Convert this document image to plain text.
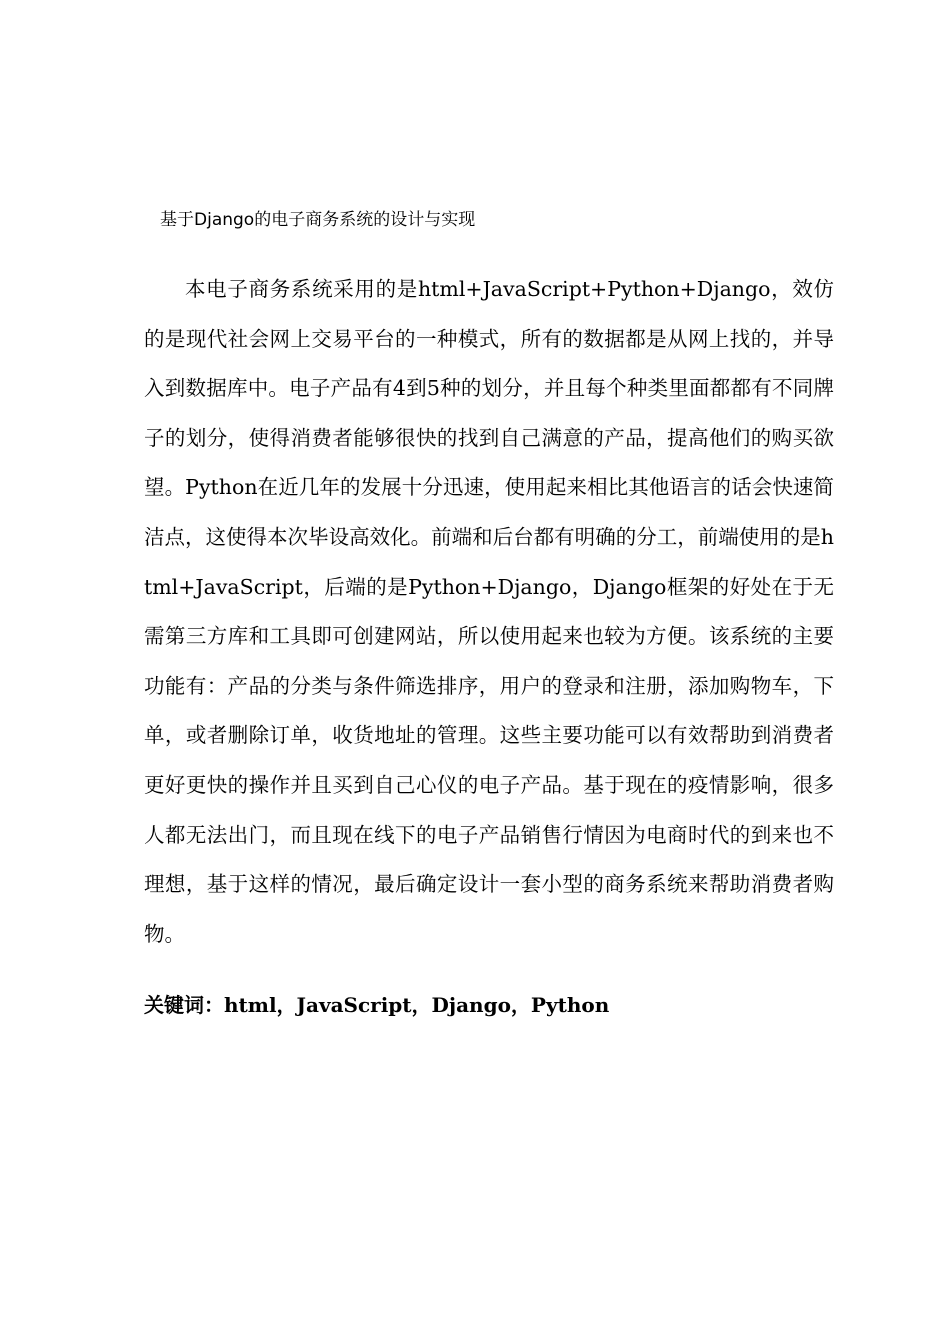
基于Django的电子商务系统的设计与实现

本电子商务系统采用的是html+JavaScript+Python+Django，效仿的是现代社会网上交易平台的一种模式，所有的数据都是从网上找的，并导入到数据库中。电子产品有4到5种的划分，并且每个种类里面都都有不同牌子的划分，使得消费者能够很快的找到自己满意的产品，提高他们的购买欲望。Python在近几年的发展十分迅速，使用起来相比其他语言的话会快速简洁点，这使得本次毕设高效化。前端和后台都有明确的分工，前端使用的是html+JavaScript，后端的是Python+Django，Django框架的好处在于无需第三方库和工具即可创建网站，所以使用起来也较为方便。该系统的主要功能有：产品的分类与条件筛选排序，用户的登录和注册，添加购物车，下单，或者删除订单，收货地址的管理。这些主要功能可以有效帮助到消费者更好更快的操作并且买到自己心仪的电子产品。基于现在的疫情影响，很多人都无法出门，而且现在线下的电子产品销售行情因为电商时代的到来也不理想，基于这样的情况，最后确定设计一套小型的商务系统来帮助消费者购物。

关键词：html，JavaScript，Django，Python
